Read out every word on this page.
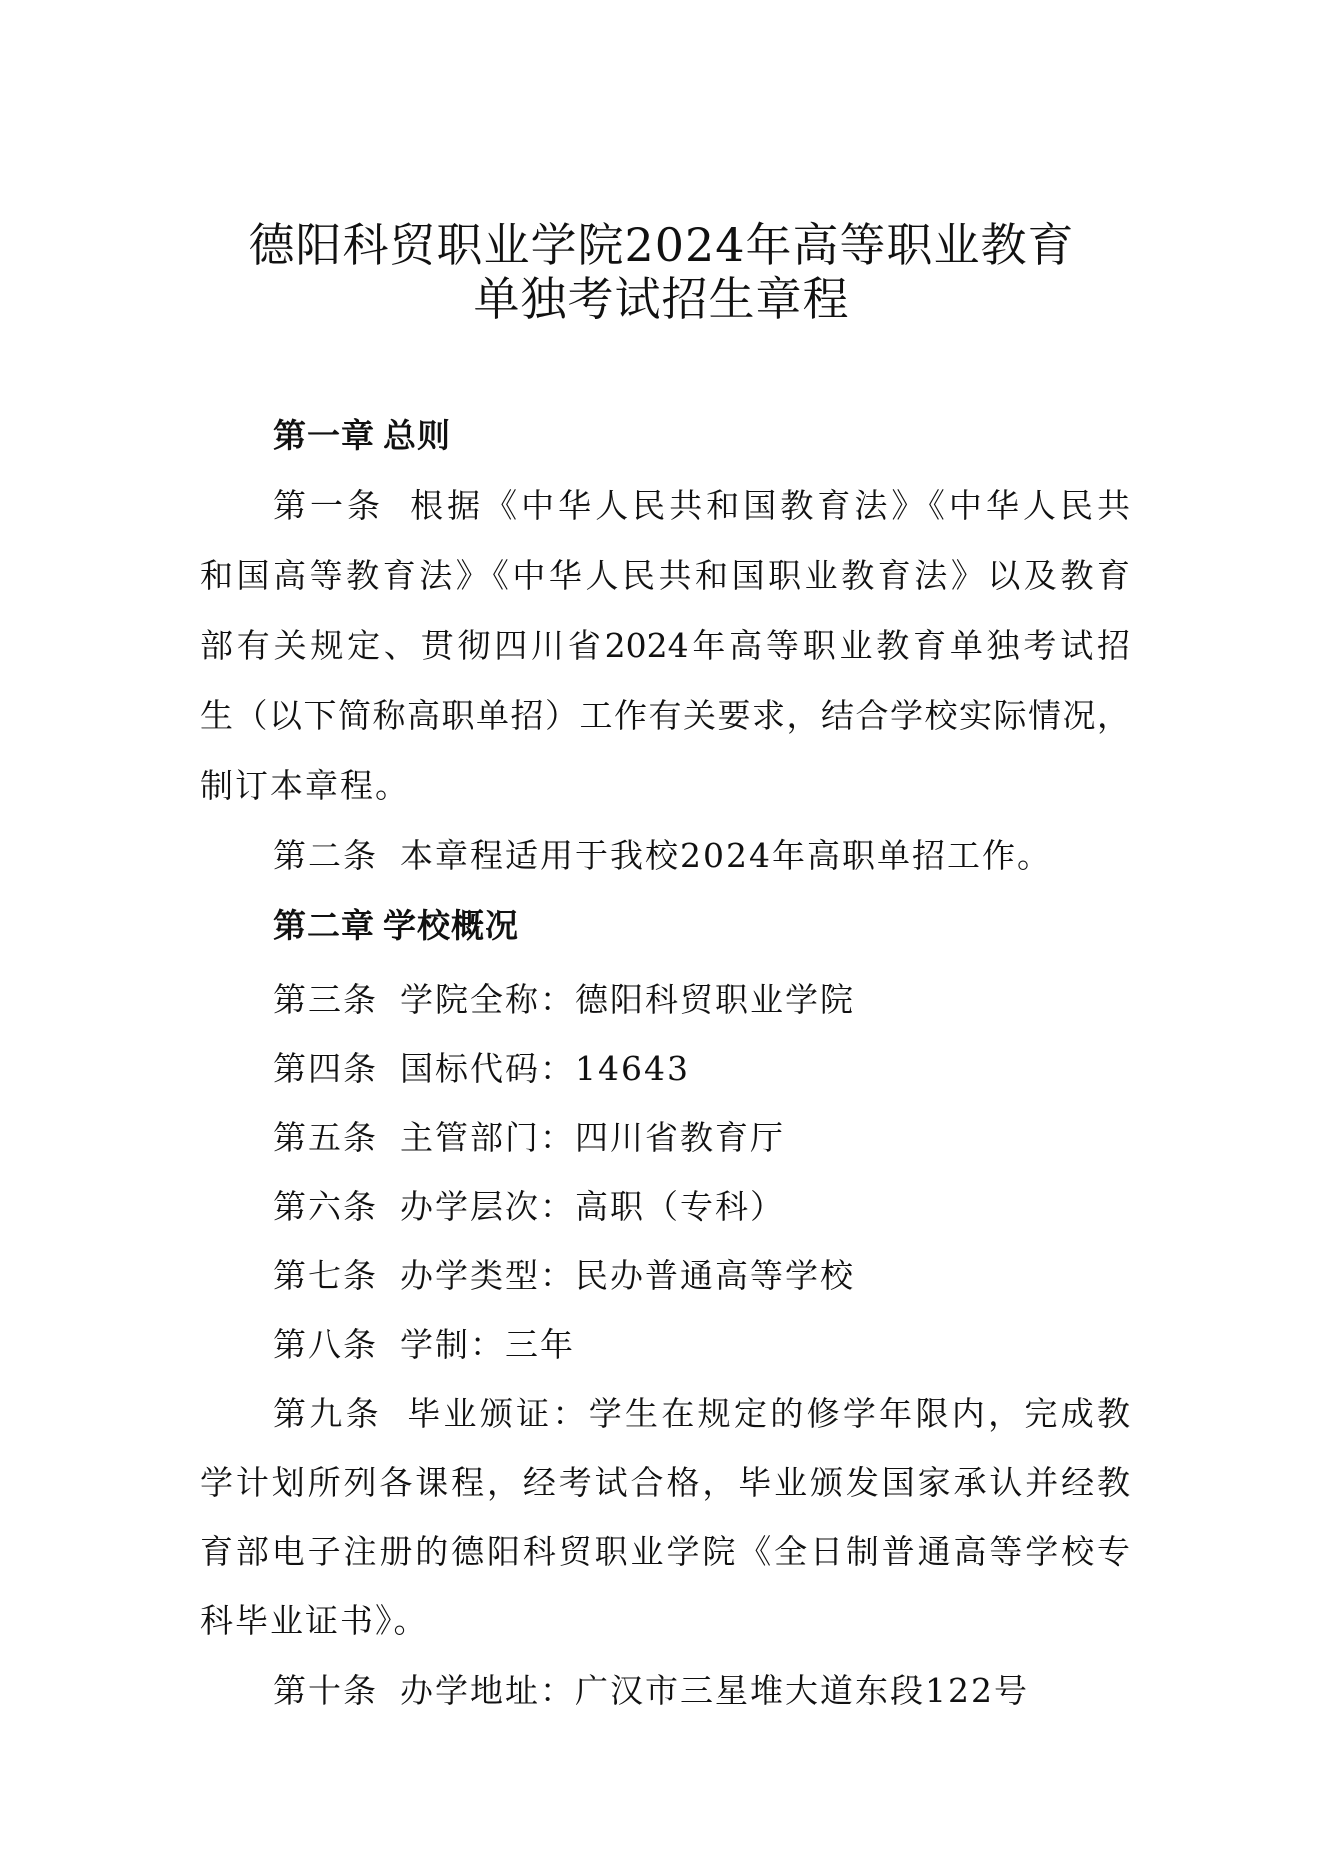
德阳科贸职业学院2024年高等职业教育
单独考试招生章程
第一章 总则
第一条 根据《中华人民共和国教育法》《中华人民共
和国高等教育法》《中华人民共和国职业教育法》以及教育
部有关规定、贯彻四川省2024年高等职业教育单独考试招
生（以下简称高职单招）工作有关要求，结合学校实际情况，
制订本章程。
第二条 本章程适用于我校2024年高职单招工作。
第二章 学校概况
第三条 学院全称：德阳科贸职业学院
第四条 国标代码：14643
第五条 主管部门：四川省教育厅
第六条 办学层次：高职（专科）
第七条 办学类型：民办普通高等学校
第八条 学制：三年
第九条 毕业颁证：学生在规定的修学年限内，完成教
学计划所列各课程，经考试合格，毕业颁发国家承认并经教
育部电子注册的德阳科贸职业学院《全日制普通高等学校专
科毕业证书》。
第十条 办学地址：广汉市三星堆大道东段122号
